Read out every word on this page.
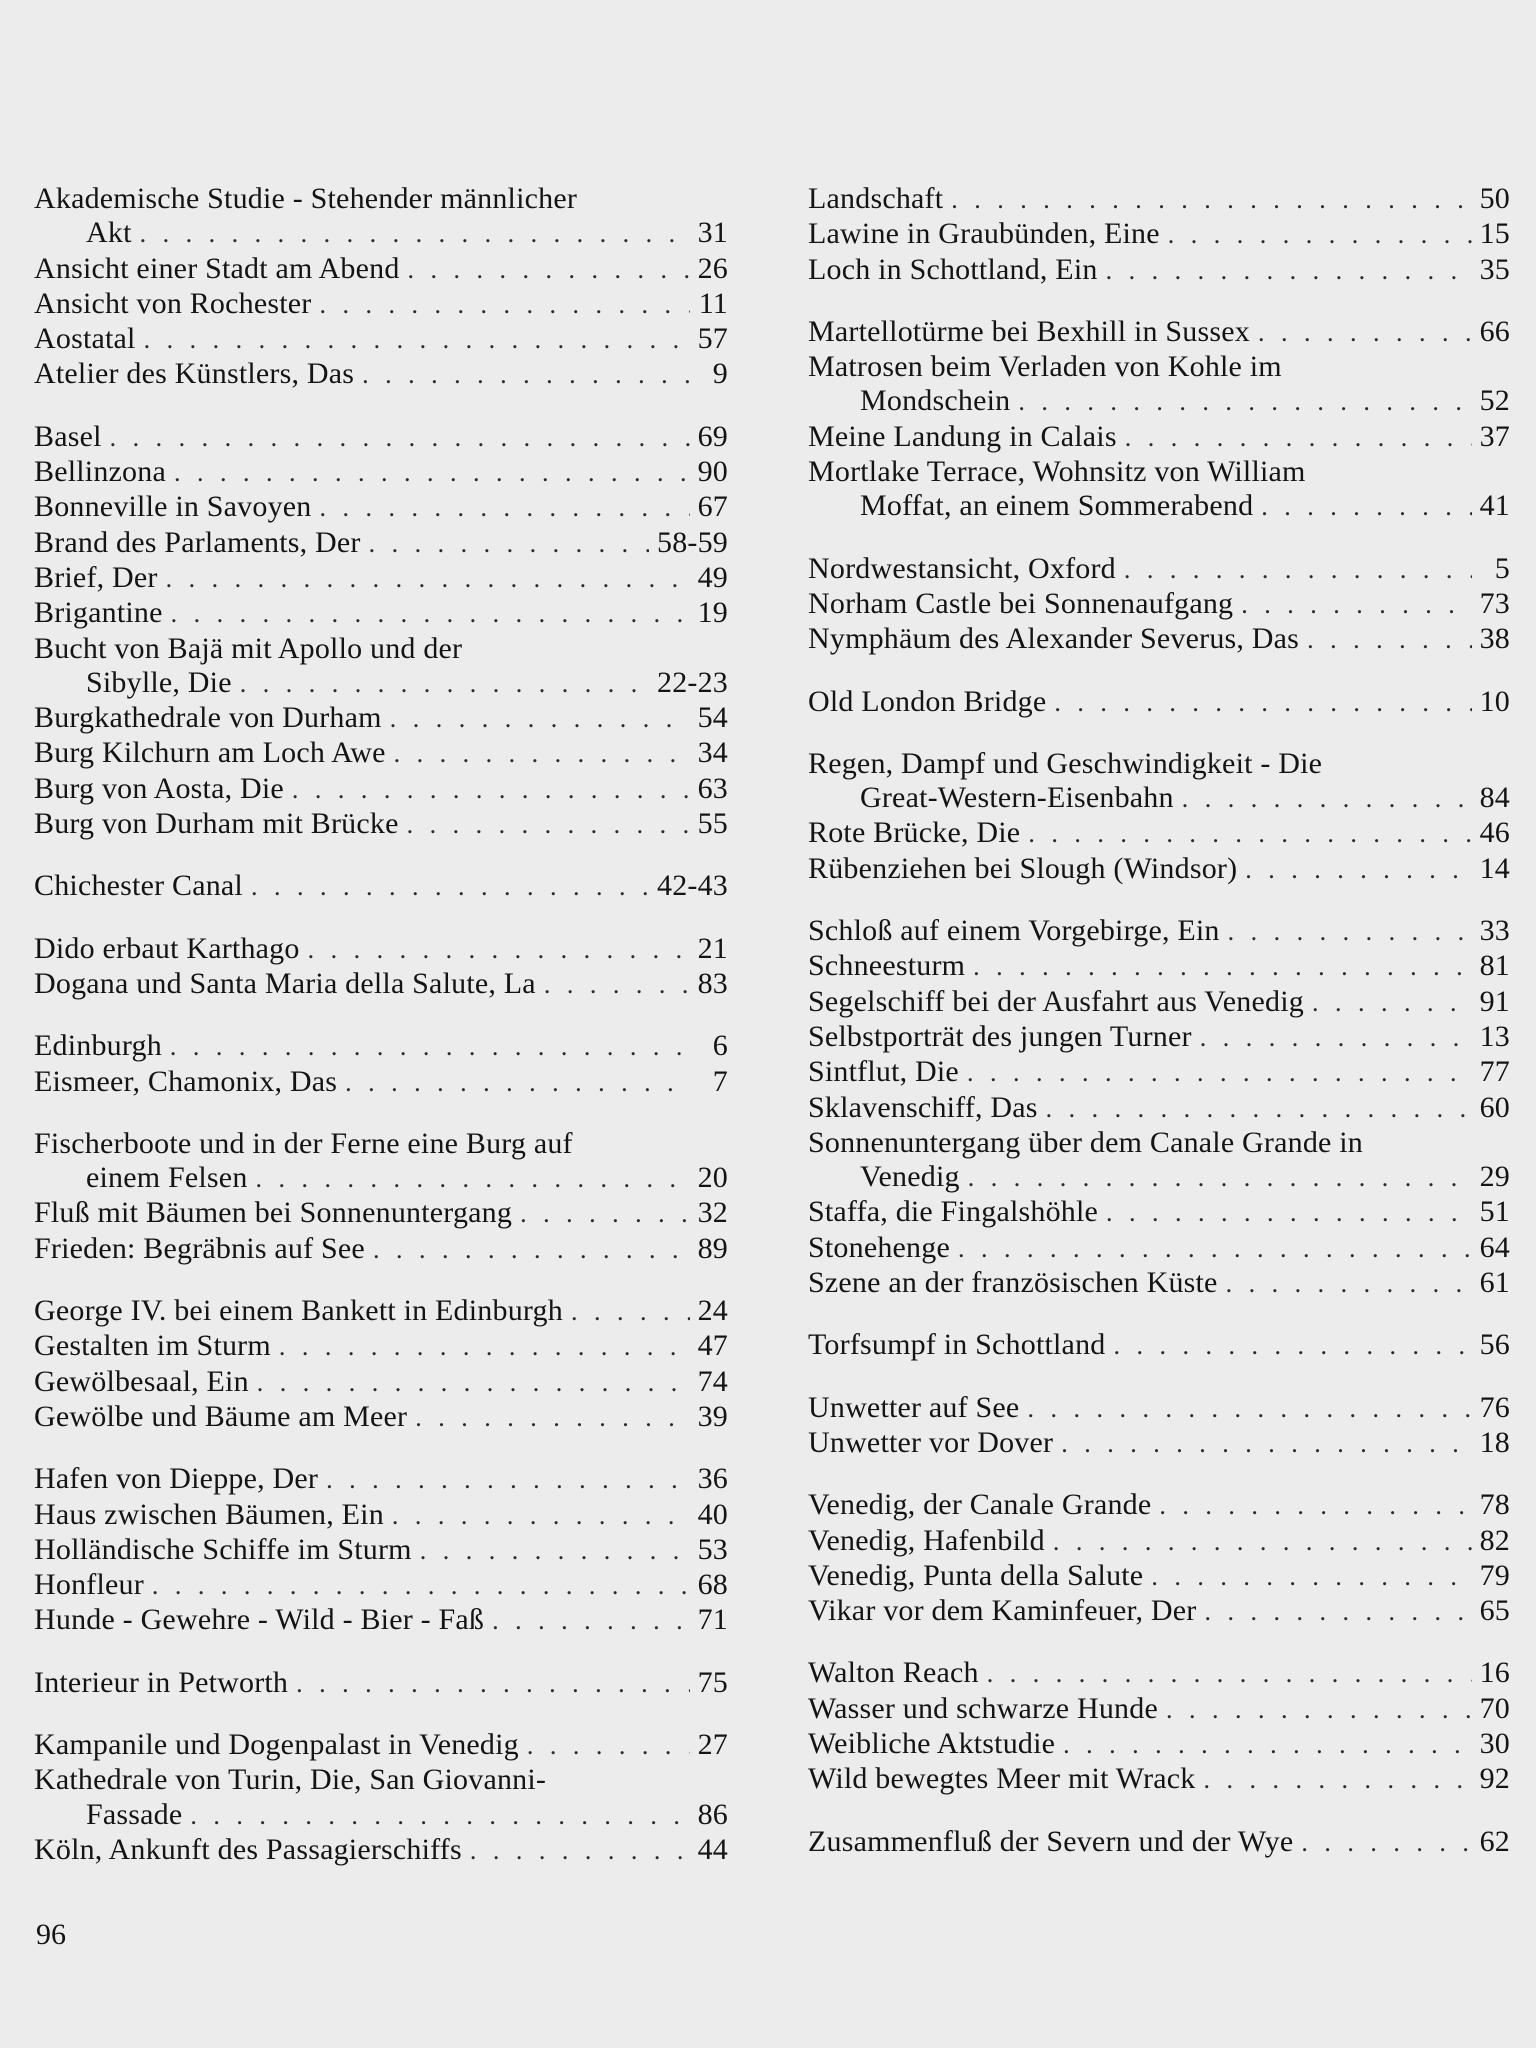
Akademische Studie - Stehender männlicher
Akt . . .	31
Ansicht einer Stadt am Abend . . .	26
Ansicht von Rochester . . .	11
Aostatal . . .	57
Atelier des Künstlers, Das . . .	9
Basel . . .	69
Bellinzona . . .	90
Bonneville in Savoyen . . .	67
Brand des Parlaments, Der . . .	58-59
Brief, Der . . .	49
Brigantine . . .	19
Bucht von Bajä mit Apollo und der
Sibylle, Die . . .	22-23
Burgkathedrale von Durham . . .	54
Burg Kilchurn am Loch Awe . . .	34
Burg von Aosta, Die . . .	63
Burg von Durham mit Brücke . . .	55
Chichester Canal . . .	42-43
Dido erbaut Karthago . . .	21
Dogana und Santa Maria della Salute, La . . .	83
Edinburgh . . .	6
Eismeer, Chamonix, Das . . .	7
Fischerboote und in der Ferne eine Burg auf
einem Felsen . . .	20
Fluß mit Bäumen bei Sonnenuntergang . . .	32
Frieden: Begräbnis auf See . . .	89
George IV. bei einem Bankett in Edinburgh . . .	24
Gestalten im Sturm . . .	47
Gewölbesaal, Ein . . .	74
Gewölbe und Bäume am Meer . . .	39
Hafen von Dieppe, Der . . .	36
Haus zwischen Bäumen, Ein . . .	40
Holländische Schiffe im Sturm . . .	53
Honfleur . . .	68
Hunde - Gewehre - Wild - Bier - Faß . . .	71
Interieur in Petworth . . .	75
Kampanile und Dogenpalast in Venedig . . .	27
Kathedrale von Turin, Die, San Giovanni-
Fassade . . .	86
Köln, Ankunft des Passagierschiffs . . .	44
Landschaft . . .	50
Lawine in Graubünden, Eine . . .	15
Loch in Schottland, Ein . . .	35
Martellotürme bei Bexhill in Sussex . . .	66
Matrosen beim Verladen von Kohle im
Mondschein . . .	52
Meine Landung in Calais . . .	37
Mortlake Terrace, Wohnsitz von William
Moffat, an einem Sommerabend . . .	41
Nordwestansicht, Oxford . . .	5
Norham Castle bei Sonnenaufgang . . .	73
Nymphäum des Alexander Severus, Das . . .	38
Old London Bridge . . .	10
Regen, Dampf und Geschwindigkeit - Die
Great-Western-Eisenbahn . . .	84
Rote Brücke, Die . . .	46
Rübenziehen bei Slough (Windsor) . . .	14
Schloß auf einem Vorgebirge, Ein . . .	33
Schneesturm . . .	81
Segelschiff bei der Ausfahrt aus Venedig . . .	91
Selbstporträt des jungen Turner . . .	13
Sintflut, Die . . .	77
Sklavenschiff, Das . . .	60
Sonnenuntergang über dem Canale Grande in
Venedig . . .	29
Staffa, die Fingalshöhle . . .	51
Stonehenge . . .	64
Szene an der französischen Küste . . .	61
Torfsumpf in Schottland . . .	56
Unwetter auf See . . .	76
Unwetter vor Dover . . .	18
Venedig, der Canale Grande . . .	78
Venedig, Hafenbild . . .	82
Venedig, Punta della Salute . . .	79
Vikar vor dem Kaminfeuer, Der . . .	65
Walton Reach . . .	16
Wasser und schwarze Hunde . . .	70
Weibliche Aktstudie . . .	30
Wild bewegtes Meer mit Wrack . . .	92
Zusammenfluß der Severn und der Wye . . .	62
96
